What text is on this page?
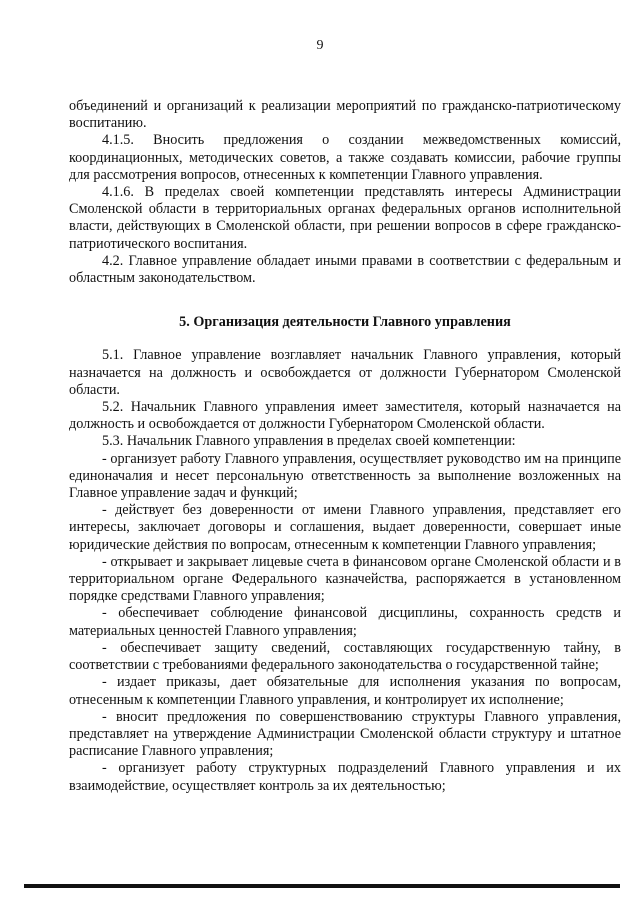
9

объединений и организаций к реализации мероприятий по гражданско-патриотическому воспитанию.

4.1.5. Вносить предложения о создании межведомственных комиссий, координационных, методических советов, а также создавать комиссии, рабочие группы для рассмотрения вопросов, отнесенных к компетенции Главного управления.

4.1.6. В пределах своей компетенции представлять интересы Администрации Смоленской области в территориальных органах федеральных органов исполнительной власти, действующих в Смоленской области, при решении вопросов в сфере гражданско-патриотического воспитания.

4.2. Главное управление обладает иными правами в соответствии с федеральным и областным законодательством.

5. Организация деятельности Главного управления

5.1. Главное управление возглавляет начальник Главного управления, который назначается на должность и освобождается от должности Губернатором Смоленской области.

5.2. Начальник Главного управления имеет заместителя, который назначается на должность и освобождается от должности Губернатором Смоленской области.

5.3. Начальник Главного управления в пределах своей компетенции:

- организует работу Главного управления, осуществляет руководство им на принципе единоначалия и несет персональную ответственность за выполнение возложенных на Главное управление задач и функций;

- действует без доверенности от имени Главного управления, представляет его интересы, заключает договоры и соглашения, выдает доверенности, совершает иные юридические действия по вопросам, отнесенным к компетенции Главного управления;

- открывает и закрывает лицевые счета в финансовом органе Смоленской области и в территориальном органе Федерального казначейства, распоряжается в установленном порядке средствами Главного управления;

- обеспечивает соблюдение финансовой дисциплины, сохранность средств и материальных ценностей Главного управления;

- обеспечивает защиту сведений, составляющих государственную тайну, в соответствии с требованиями федерального законодательства о государственной тайне;

- издает приказы, дает обязательные для исполнения указания по вопросам, отнесенным к компетенции Главного управления, и контролирует их исполнение;

- вносит предложения по совершенствованию структуры Главного управления, представляет на утверждение Администрации Смоленской области структуру и штатное расписание Главного управления;

- организует работу структурных подразделений Главного управления и их взаимодействие, осуществляет контроль за их деятельностью;
